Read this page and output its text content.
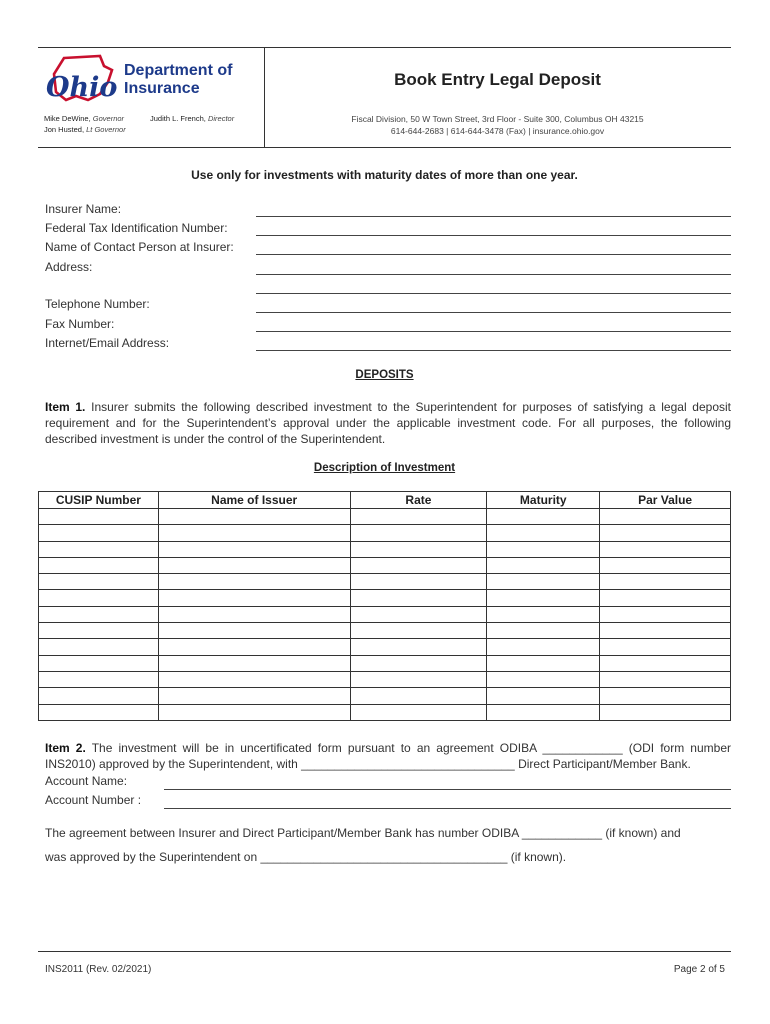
Ohio
Department of
Insurance
Mike DeWine, Governor
Jon Husted, Lt Governor
Judith L. French, Director
Book Entry Legal Deposit
Fiscal Division, 50 W Town Street, 3rd Floor - Suite 300, Columbus OH 43215
614-644-2683 | 614-644-3478 (Fax) | insurance.ohio.gov
Use only for investments with maturity dates of more than one year.
Insurer Name:
Federal Tax Identification Number:
Name of Contact Person at Insurer:
Address:
Telephone Number:
Fax Number:
Internet/Email Address:
DEPOSITS
Item 1. Insurer submits the following described investment to the Superintendent for purposes of satisfying a legal deposit requirement and for the Superintendent’s approval under the applicable investment code. For all purposes, the following described investment is under the control of the Superintendent.
Description of Investment
CUSIP Number	Name of Issuer	Rate	Maturity	Par Value

Item 2. The investment will be in uncertificated form pursuant to an agreement ODIBA ____________ (ODI form number INS2010) approved by the Superintendent, with ________________________________ Direct Participant/Member Bank.
Account Name:
Account Number :
The agreement between Insurer and Direct Participant/Member Bank has number ODIBA ____________ (if known) and
was approved by the Superintendent on _____________________________________ (if known).
INS2011 (Rev. 02/2021)	Page 2 of 5
